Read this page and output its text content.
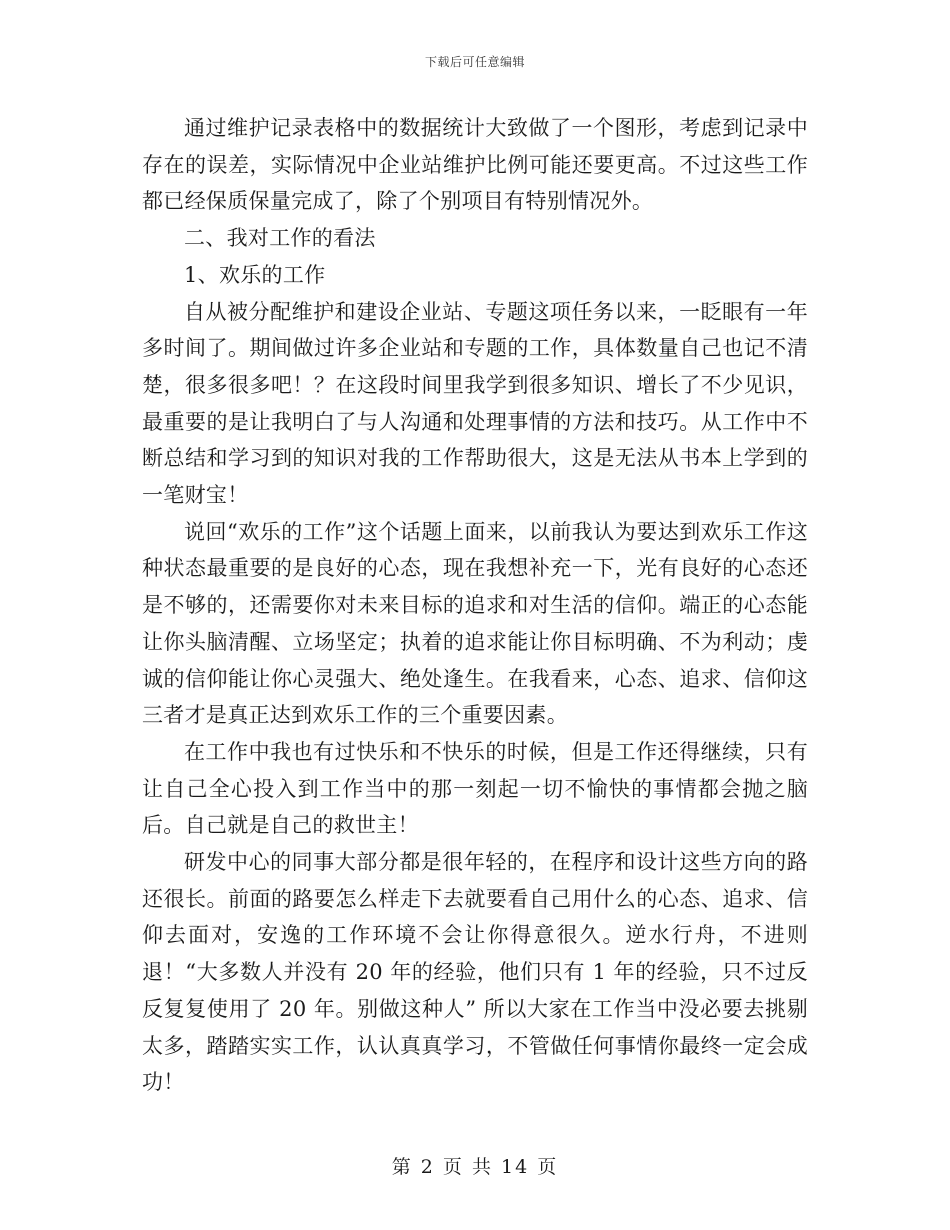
下载后可任意编辑

通过维护记录表格中的数据统计大致做了一个图形，考虑到记录中存在的误差，实际情况中企业站维护比例可能还要更高。不过这些工作都已经保质保量完成了，除了个别项目有特别情况外。

二、我对工作的看法

1、欢乐的工作

自从被分配维护和建设企业站、专题这项任务以来，一眨眼有一年多时间了。期间做过许多企业站和专题的工作，具体数量自己也记不清楚，很多很多吧！？在这段时间里我学到很多知识、增长了不少见识，最重要的是让我明白了与人沟通和处理事情的方法和技巧。从工作中不断总结和学习到的知识对我的工作帮助很大，这是无法从书本上学到的一笔财宝！

说回“欢乐的工作”这个话题上面来，以前我认为要达到欢乐工作这种状态最重要的是良好的心态，现在我想补充一下，光有良好的心态还是不够的，还需要你对未来目标的追求和对生活的信仰。端正的心态能让你头脑清醒、立场坚定；执着的追求能让你目标明确、不为利动；虔诚的信仰能让你心灵强大、绝处逢生。在我看来，心态、追求、信仰这三者才是真正达到欢乐工作的三个重要因素。

在工作中我也有过快乐和不快乐的时候，但是工作还得继续，只有让自己全心投入到工作当中的那一刻起一切不愉快的事情都会抛之脑后。自己就是自己的救世主！

研发中心的同事大部分都是很年轻的，在程序和设计这些方向的路还很长。前面的路要怎么样走下去就要看自己用什么的心态、追求、信仰去面对，安逸的工作环境不会让你得意很久。逆水行舟，不进则退！“大多数人并没有 20 年的经验，他们只有 1 年的经验，只不过反反复复使用了 20 年。别做这种人” 所以大家在工作当中没必要去挑剔太多，踏踏实实工作，认认真真学习，不管做任何事情你最终一定会成功！

第 2 页 共 14 页
